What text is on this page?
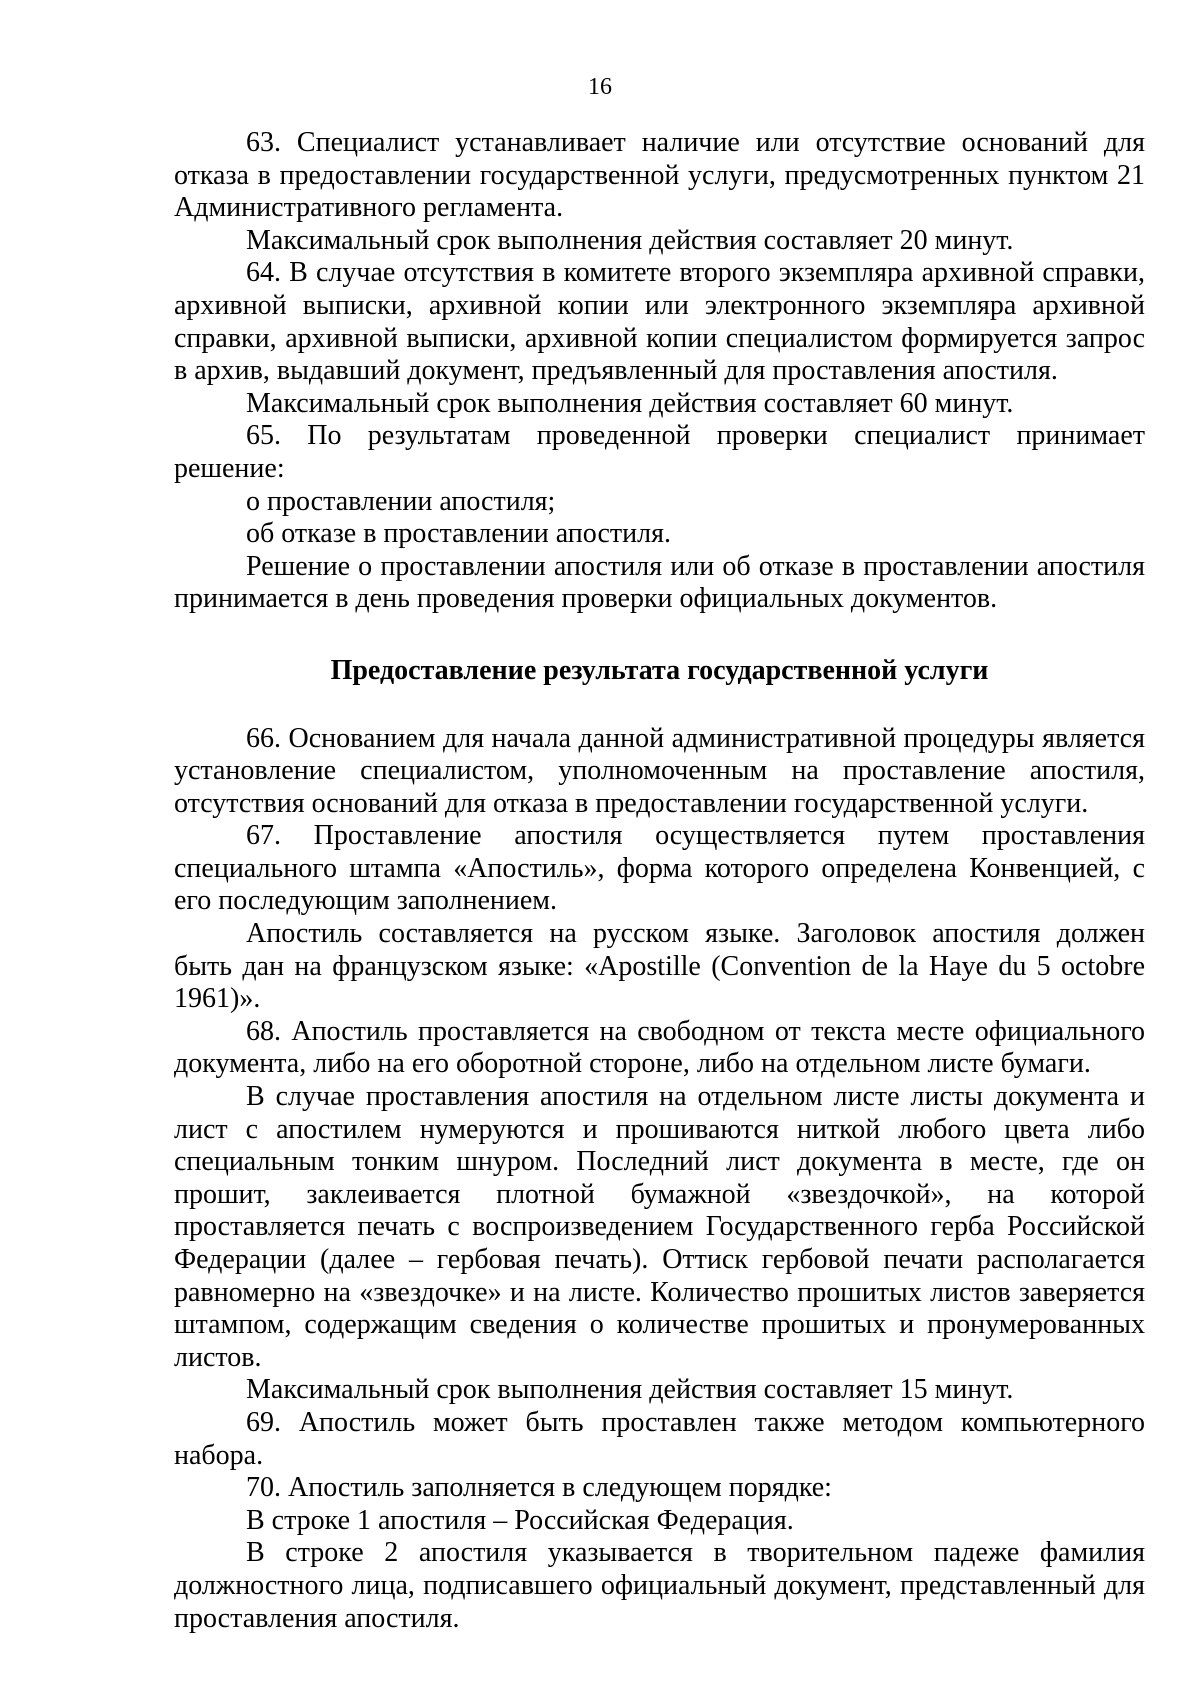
16

63. Специалист устанавливает наличие или отсутствие оснований для отказа в предоставлении государственной услуги, предусмотренных пунктом 21 Административного регламента.

Максимальный срок выполнения действия составляет 20 минут.

64. В случае отсутствия в комитете второго экземпляра архивной справки, архивной выписки, архивной копии или электронного экземпляра архивной справки, архивной выписки, архивной копии специалистом формируется запрос в архив, выдавший документ, предъявленный для проставления апостиля.

Максимальный срок выполнения действия составляет 60 минут.

65. По результатам проведенной проверки специалист принимает решение:

о проставлении апостиля;

об отказе в проставлении апостиля.

Решение о проставлении апостиля или об отказе в проставлении апостиля принимается в день проведения проверки официальных документов.

Предоставление результата государственной услуги

66. Основанием для начала данной административной процедуры является установление специалистом, уполномоченным на проставление апостиля, отсутствия оснований для отказа в предоставлении государственной услуги.

67. Проставление апостиля осуществляется путем проставления специального штампа «Апостиль», форма которого определена Конвенцией, с его последующим заполнением.

Апостиль составляется на русском языке. Заголовок апостиля должен быть дан на французском языке: «Apostille (Convention de la Haye du 5 octobre 1961)».

68. Апостиль проставляется на свободном от текста месте официального документа, либо на его оборотной стороне, либо на отдельном листе бумаги.

В случае проставления апостиля на отдельном листе листы документа и лист с апостилем нумеруются и прошиваются ниткой любого цвета либо специальным тонким шнуром. Последний лист документа в месте, где он прошит, заклеивается плотной бумажной «звездочкой», на которой проставляется печать с воспроизведением Государственного герба Российской Федерации (далее – гербовая печать). Оттиск гербовой печати располагается равномерно на «звездочке» и на листе. Количество прошитых листов заверяется штампом, содержащим сведения о количестве прошитых и пронумерованных листов.

Максимальный срок выполнения действия составляет 15 минут.

69. Апостиль может быть проставлен также методом компьютерного набора.

70. Апостиль заполняется в следующем порядке:

В строке 1 апостиля – Российская Федерация.

В строке 2 апостиля указывается в творительном падеже фамилия должностного лица, подписавшего официальный документ, представленный для проставления апостиля.
